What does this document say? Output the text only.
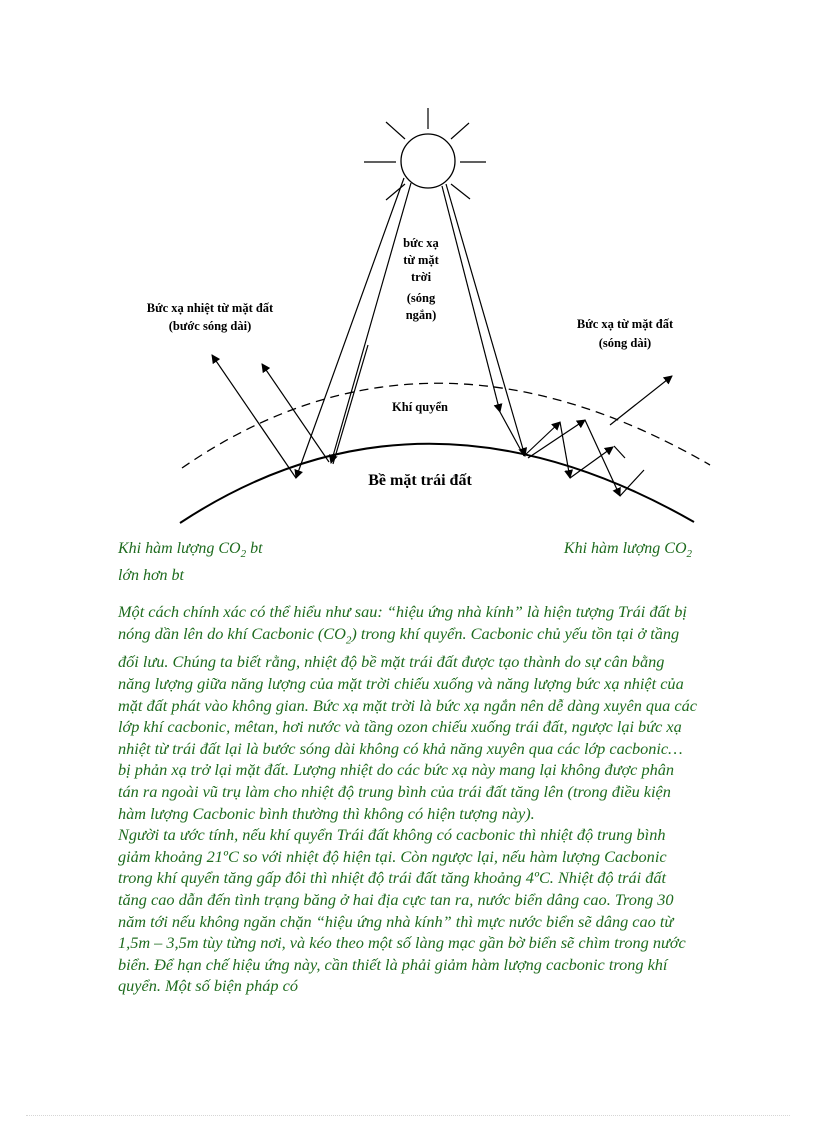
bức xạ
từ mặt
trời
(sóng
ngắn)
Bức xạ nhiệt từ mặt đất
(bước sóng dài)	Bức xạ từ mặt đất
(sóng dài)
Khí quyển
Bề mặt trái đất
Khi hàm lượng $CO_2$ bt
lớn hơn bt
Khi hàm lượng $CO_2$

Một cách chính xác có thể hiểu như sau: “hiệu ứng nhà kính” là hiện tượng Trái đất bị nóng dần lên do khí Cacbonic $(CO_2)$ trong khí quyển. Cacbonic chủ yếu tồn tại ở tầng đối lưu. Chúng ta biết rằng, nhiệt độ bề mặt trái đất được tạo thành do sự cân bằng năng lượng giữa năng lượng của mặt trời chiếu xuống và năng lượng bức xạ nhiệt của mặt đất phát vào không gian. Bức xạ mặt trời là bức xạ ngắn nên dễ dàng xuyên qua các lớp khí cacbonic, mêtan, hơi nước và tầng ozon chiếu xuống trái đất, ngược lại bức xạ nhiệt từ trái đất lại là bước sóng dài không có khả năng xuyên qua các lớp cacbonic… bị phản xạ trở lại mặt đất. Lượng nhiệt do các bức xạ này mang lại không được phân tán ra ngoài vũ trụ làm cho nhiệt độ trung bình của trái đất tăng lên (trong điều kiện hàm lượng Cacbonic bình thường thì không có hiện tượng này).

Người ta ước tính, nếu khí quyển Trái đất không có cacbonic thì nhiệt độ trung bình giảm khoảng 21ºC so với nhiệt độ hiện tại. Còn ngược lại, nếu hàm lượng Cacbonic trong khí quyển tăng gấp đôi thì nhiệt độ trái đất tăng khoảng 4ºC. Nhiệt độ trái đất tăng cao dẫn đến tình trạng băng ở hai địa cực tan ra, nước biển dâng cao. Trong 30 năm tới nếu không ngăn chặn “hiệu ứng nhà kính” thì mực nước biển sẽ dâng cao từ 1,5m – 3,5m tùy từng nơi, và kéo theo một số làng mạc gần bờ biển sẽ chìm trong nước biển. Để hạn chế hiệu ứng này, cần thiết là phải giảm hàm lượng cacbonic trong khí quyển. Một số biện pháp có
